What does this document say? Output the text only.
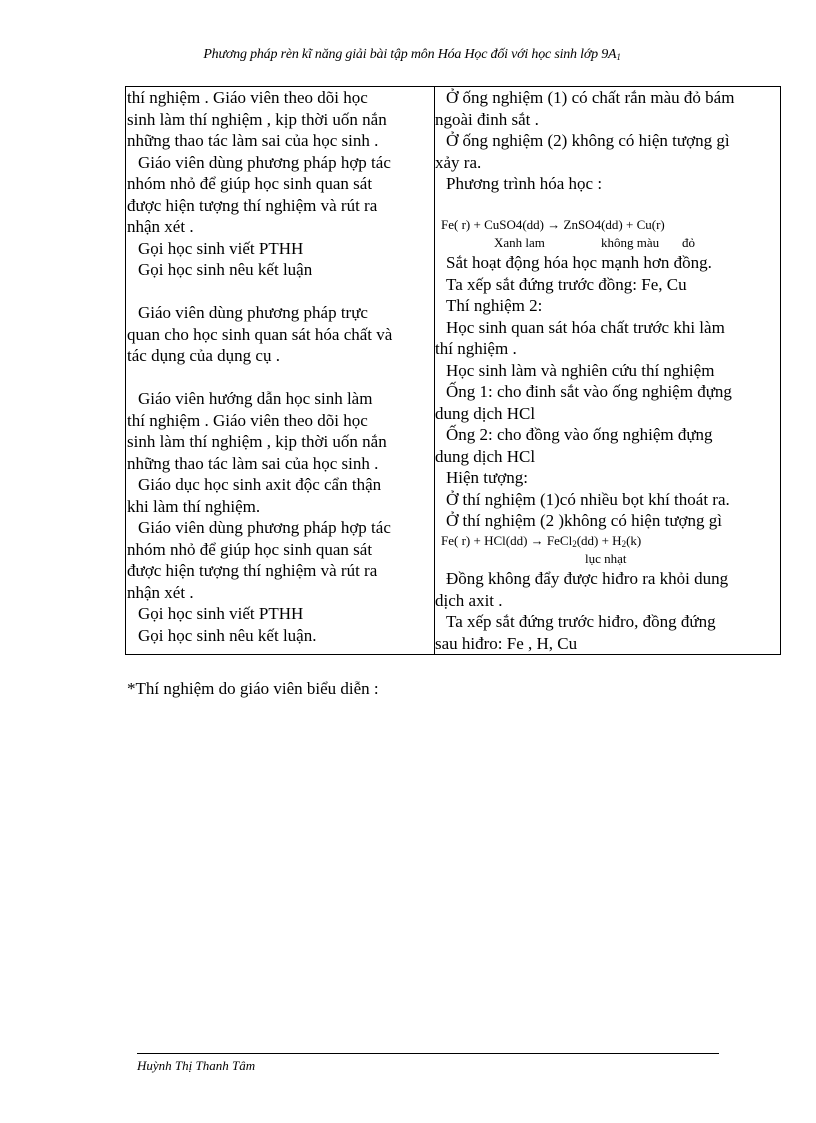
Phương pháp rèn kĩ năng giải bài tập môn Hóa Học đối với học sinh lớp $9A_1$
thí nghiệm . Giáo viên theo dõi học
sinh làm thí nghiệm , kịp thời uốn nắn
những thao tác làm sai của học sinh .
Giáo viên dùng phương pháp hợp tác
nhóm nhỏ để giúp học sinh quan sát
được hiện tượng thí nghiệm và rút ra
nhận xét .
Gọi học sinh viết PTHH
Gọi học sinh nêu kết luận
Giáo viên dùng phương pháp trực
quan cho học sinh quan sát hóa chất và
tác dụng của dụng cụ .
Giáo viên hướng dẫn học sinh làm
thí nghiệm . Giáo viên theo dõi học
sinh làm thí nghiệm , kịp thời uốn nắn
những thao tác làm sai của học sinh .
Giáo dục học sinh axit độc cẩn thận
khi làm thí nghiệm.
Giáo viên dùng phương pháp hợp tác
nhóm nhỏ để giúp học sinh quan sát
được hiện tượng thí nghiệm và rút ra
nhận xét .
Gọi học sinh viết PTHH
Gọi học sinh nêu kết luận.
Ở ống nghiệm (1) có chất rắn màu đỏ bám
ngoài đinh sắt .
Ở ống nghiệm (2) không có hiện tượng gì
xảy ra.
Phương trình hóa học :
Fe( r) + CuSO4(dd) → ZnSO4(dd) + Cu(r)
Xanh lam	không màu đỏ
Sắt hoạt động hóa học mạnh hơn đồng.
Ta xếp sắt đứng trước đồng: Fe, Cu
Thí nghiệm 2:
Học sinh quan sát hóa chất trước khi làm
thí nghiệm .
Học sinh làm và nghiên cứu thí nghiệm
Ống 1: cho đinh sắt vào ống nghiệm đựng
dung dịch HCl
Ống 2: cho đồng vào ống nghiệm đựng
dung dịch HCl
Hiện tượng:
Ở thí nghiệm (1)có nhiều bọt khí thoát ra.
Ở thí nghiệm (2 )không có hiện tượng gì
Fe( r) + HCl(dd) → FeCl$_2$(dd) + $H_2(k)$
lục nhạt
Đồng không đẩy được hiđro ra khỏi dung
dịch axit .
Ta xếp sắt đứng trước hiđro, đồng đứng
sau hiđro: Fe , H, Cu
*Thí nghiệm do giáo viên biểu diễn :
Huỳnh Thị Thanh Tâm
